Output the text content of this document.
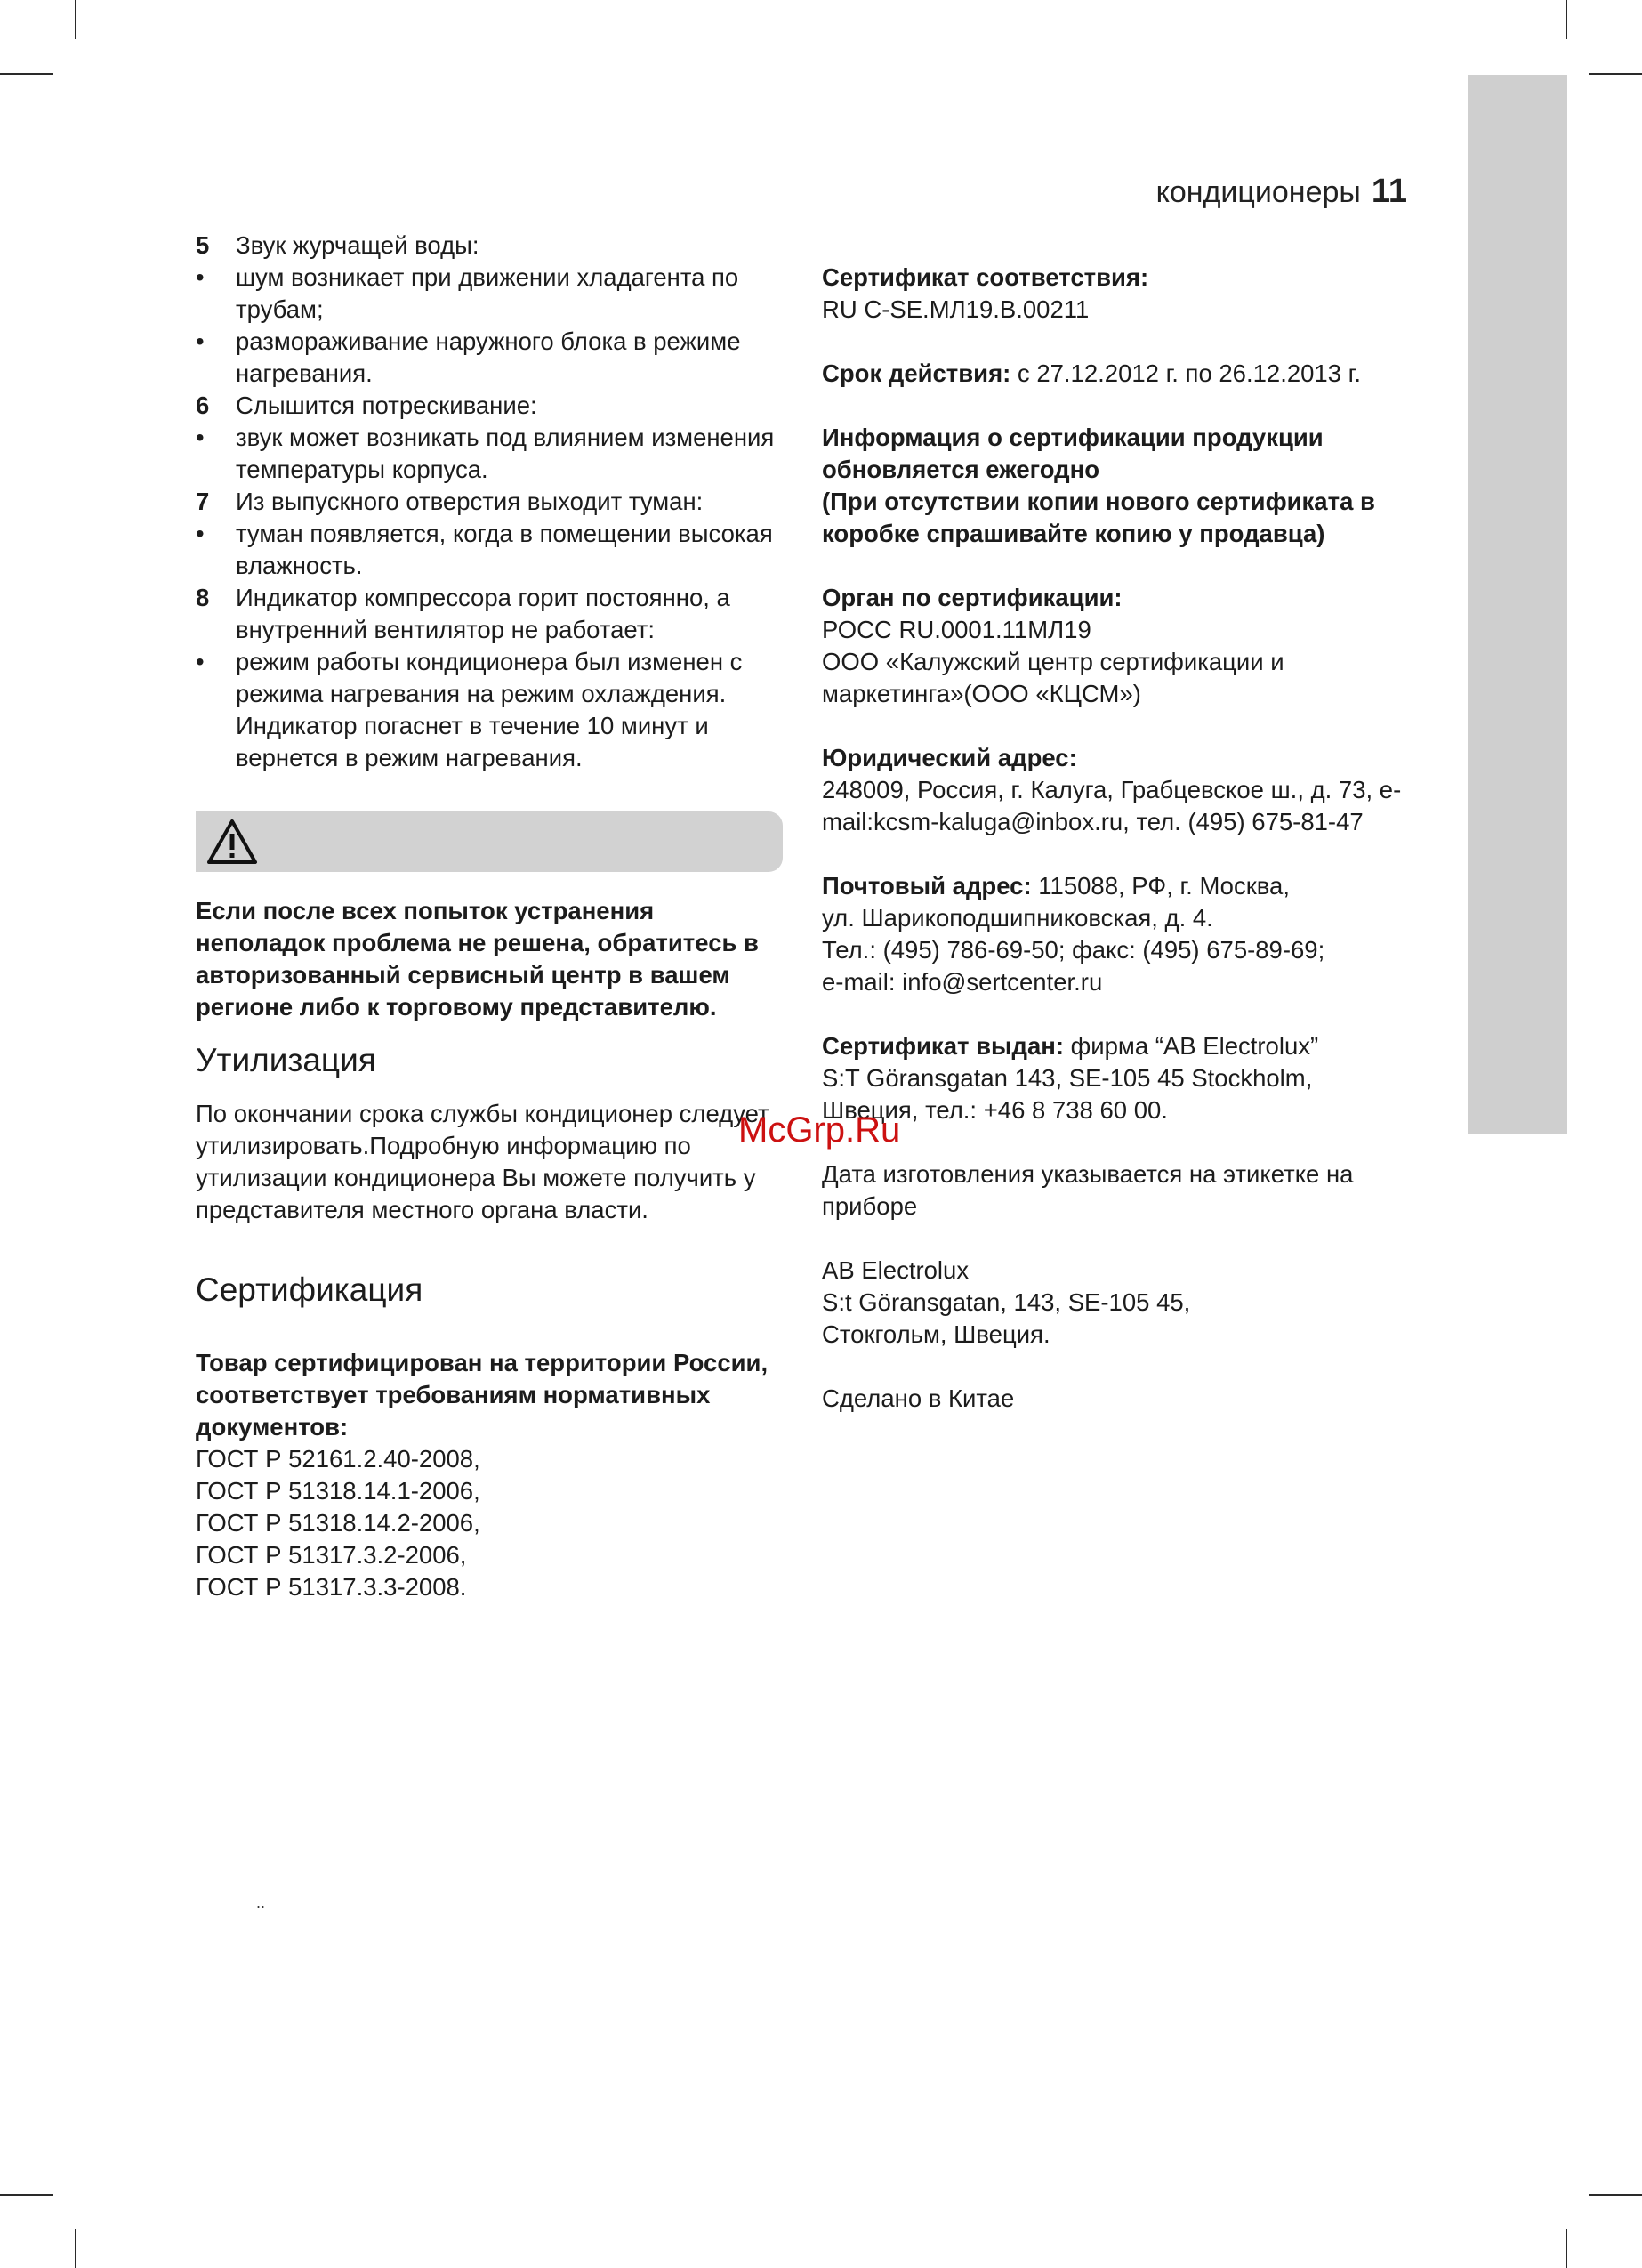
кондиционеры 11
5	Звук журчащей воды:
•	шум возникает при движении хладагента по трубам;
•	размораживание наружного блока в режиме нагревания.
6	Слышится потрескивание:
•	звук может возникать под влиянием изменения температуры корпуса.
7	Из выпускного отверстия выходит туман:
•	туман появляется, когда в помещении высокая влажность.
8	Индикатор компрессора горит постоянно, а внутренний вентилятор не работает:
•	режим работы кондиционера был изменен с режима нагревания на режим охлаждения. Индикатор погаснет в течение 10 минут и вернется в режим нагревания.
Если после всех попыток устранения неполадок проблема не решена, обратитесь в авторизованный сервисный центр в вашем регионе либо к торговому представителю.
Утилизация
По окончании срока службы кондиционер следует утилизировать.Подробную информацию по утилизации кондиционера Вы можете получить у представителя местного органа власти.
Сертификация
Товар сертифицирован на территории России, соответствует требованиям нормативных документов:
ГОСТ Р 52161.2.40-2008,
ГОСТ Р 51318.14.1-2006,
ГОСТ Р 51318.14.2-2006,
ГОСТ Р 51317.3.2-2006,
ГОСТ Р 51317.3.3-2008.
Сертификат соответствия:
RU C-SE.МЛ19.В.00211
Срок действия: с 27.12.2012 г. по 26.12.2013 г.
Информация о сертификации продукции обновляется ежегодно
(При отсутствии копии нового сертификата в коробке спрашивайте копию у продавца)
Орган по сертификации:
РОСС RU.0001.11МЛ19
ООО «Калужский центр сертификации и маркетинга»(ООО «КЦСМ»)
Юридический адрес:
248009, Россия, г. Калуга, Грабцевское ш., д. 73, e-mail:kcsm-kaluga@inbox.ru, тел. (495) 675-81-47
Почтовый адрес: 115088, РФ, г. Москва,
ул. Шарикоподшипниковская, д. 4.
Тел.: (495) 786-69-50; факс: (495) 675-89-69;
e-mail: info@sertcenter.ru
Сертификат выдан: фирма “AB Electrolux”
S:T Göransgatan 143, SE-105 45 Stockholm,
Швеция, тел.: +46 8 738 60 00.
Дата изготовления указывается на этикетке на приборе
AB Electrolux
S:t Göransgatan, 143, SE-105 45,
Стокгольм, Швеция.
Сделано в Китае
McGrp.Ru
..
